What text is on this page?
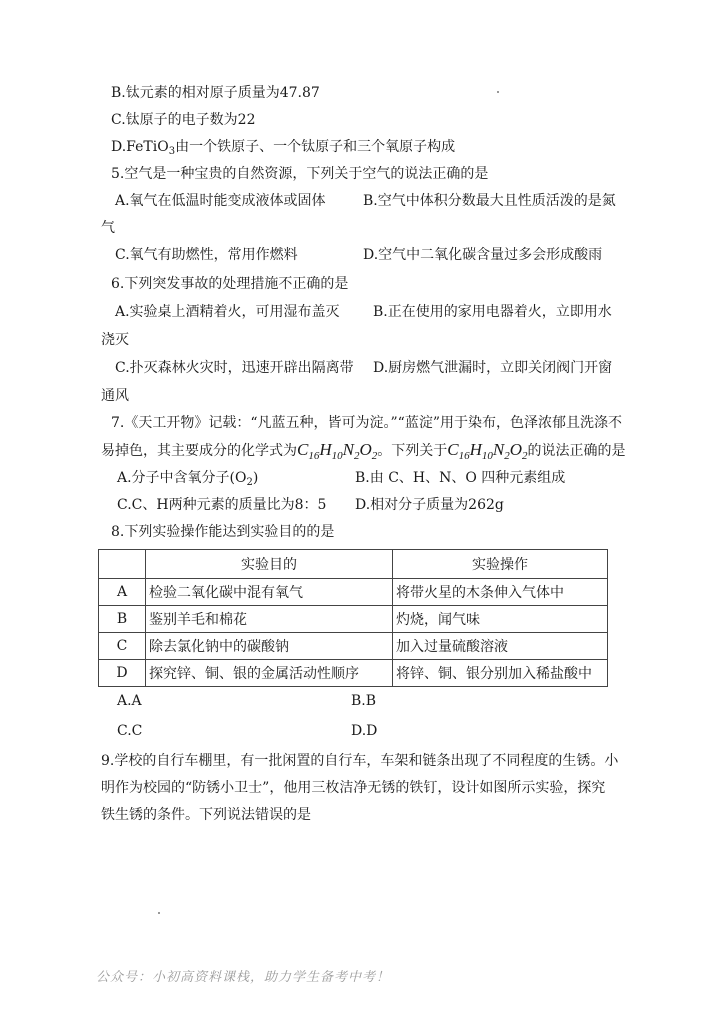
B.钛元素的相对原子质量为47.87
C.钛原子的电子数为22
D.FeTiO$_3$由一个铁原子、一个钛原子和三个氧原子构成
5.空气是一种宝贵的自然资源，下列关于空气的说法正确的是
A.氧气在低温时能变成液体或固体	B.空气中体积分数最大且性质活泼的是氮
气
C.氧气有助燃性，常用作燃料	D.空气中二氧化碳含量过多会形成酸雨
6.下列突发事故的处理措施不正确的是
A.实验桌上酒精着火，可用湿布盖灭 B.正在使用的家用电器着火，立即用水
浇灭
C.扑灭森林火灾时，迅速开辟出隔离带 D.厨房燃气泄漏时，立即关闭阀门开窗
通风
7.《天工开物》记载：“凡蓝五种，皆可为淀。”“蓝淀”用于染布，色泽浓郁且洗涤不
易掉色，其主要成分的化学式为$C_{16}H_{10}N_2O_2$。下列关于$C_{16}H_{10}N_2O_2$的说法正确的是
A.分子中含氧分子$(O_2)$	B.由 C、H、N、O 四种元素组成
C.C、H两种元素的质量比为8：5 D.相对分子质量为262g
8.下列实验操作能达到实验目的的是
	实验目的	实验操作
A	检验二氧化碳中混有氧气	将带火星的木条伸入气体中
B	鉴别羊毛和棉花	灼烧，闻气味
C	除去氯化钠中的碳酸钠	加入过量硫酸溶液
D	探究锌、铜、银的金属活动性顺序	将锌、铜、银分别加入稀盐酸中
A.A	B.B
C.C	D.D
9.学校的自行车棚里，有一批闲置的自行车，车架和链条出现了不同程度的生锈。小
明作为校园的“防锈小卫士”，他用三枚洁净无锈的铁钉，设计如图所示实验，探究
铁生锈的条件。下列说法错误的是
公众号：小初高资料课栈，助力学生备考中考！
